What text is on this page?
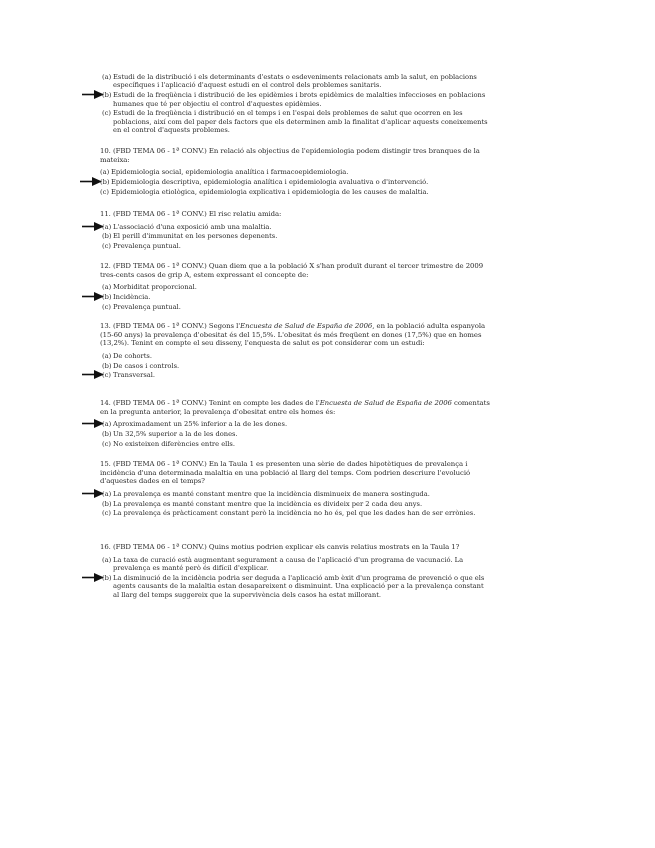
(a) Estudi de la distribució i els determinants d'estats o esdeveniments relacionats amb la salut, en poblacions específiques i l'aplicació d'aquest estudi en el control dels problemes sanitaris.
(b) Estudi de la freqüència i distribució de les epidèmies i brots epidèmics de malalties infeccioses en poblacions humanes que té per objectiu el control d'aquestes epidèmies.
(c) Estudi de la freqüència i distribució en el temps i en l'espai dels problemes de salut que ocorren en les poblacions, així com del paper dels factors que els determinen amb la finalitat d'aplicar aquests coneixements en el control d'aquests problemes.

10. (FBD TEMA 06 - 1ª CONV.) En relació als objectius de l'epidemiologia podem distingir tres branques de la mateixa:

(a) Epidemiologia social, epidemiologia analítica i farmacoepidemiologia.
(b) Epidemiologia descriptiva, epidemiologia analítica i epidemiologia avaluativa o d'intervenció.
(c) Epidemiologia etiològica, epidemiologia explicativa i epidemiologia de les causes de malaltia.

11. (FBD TEMA 06 - 1ª CONV.) El risc relatiu amida:

(a) L'associació d'una exposició amb una malaltia.
(b) El perill d'immunitat en les persones depenents.
(c) Prevalença puntual.

12. (FBD TEMA 06 - 1ª CONV.) Quan diem que a la població X s'han produït durant el tercer trimestre de 2009 tres-cents casos de grip A, estem expressant el concepte de:

(a) Morbiditat proporcional.
(b) Incidència.
(c) Prevalença puntual.

13. (FBD TEMA 06 - 1ª CONV.) Segons l'Encuesta de Salud de España de 2006, en la població adulta espanyola (15-60 anys) la prevalença d'obesitat és del 15,5%. L'obesitat és més freqüent en dones (17,5%) que en homes (13,2%). Tenint en compte el seu disseny, l'enquesta de salut es pot considerar com un estudi:

(a) De cohorts.
(b) De casos i controls.
(c) Transversal.

14. (FBD TEMA 06 - 1ª CONV.) Tenint en compte les dades de l'Encuesta de Salud de España de 2006 comentats en la pregunta anterior, la prevalença d'obesitat entre els homes és:

(a) Aproximadament un 25% inferior a la de les dones.
(b) Un 32,5% superior a la de les dones.
(c) No existeixen diferències entre ells.

15. (FBD TEMA 06 - 1ª CONV.) En la Taula 1 es presenten una sèrie de dades hipotètiques de prevalença i incidència d'una determinada malaltia en una població al llarg del temps. Com podrien descriure l'evolució d'aquestes dades en el temps?

(a) La prevalença es manté constant mentre que la incidència disminueix de manera sostinguda.
(b) La prevalença es manté constant mentre que la incidència es divideix per 2 cada deu anys.
(c) La prevalença és pràcticament constant però la incidència no ho és, pel que les dades han de ser errònies.

16. (FBD TEMA 06 - 1ª CONV.) Quins motius podrien explicar els canvis relatius mostrats en la Taula 1?

(a) La taxa de curació està augmentant segurament a causa de l'aplicació d'un programa de vacunació. La prevalença es manté però és difícil d'explicar.
(b) La disminució de la incidència podria ser deguda a l'aplicació amb èxit d'un programa de prevenció o que els agents causants de la malaltia estan desapareixent o disminuint. Una explicació per a la prevalença constant al llarg del temps suggereix que la supervivència dels casos ha estat millorant.
